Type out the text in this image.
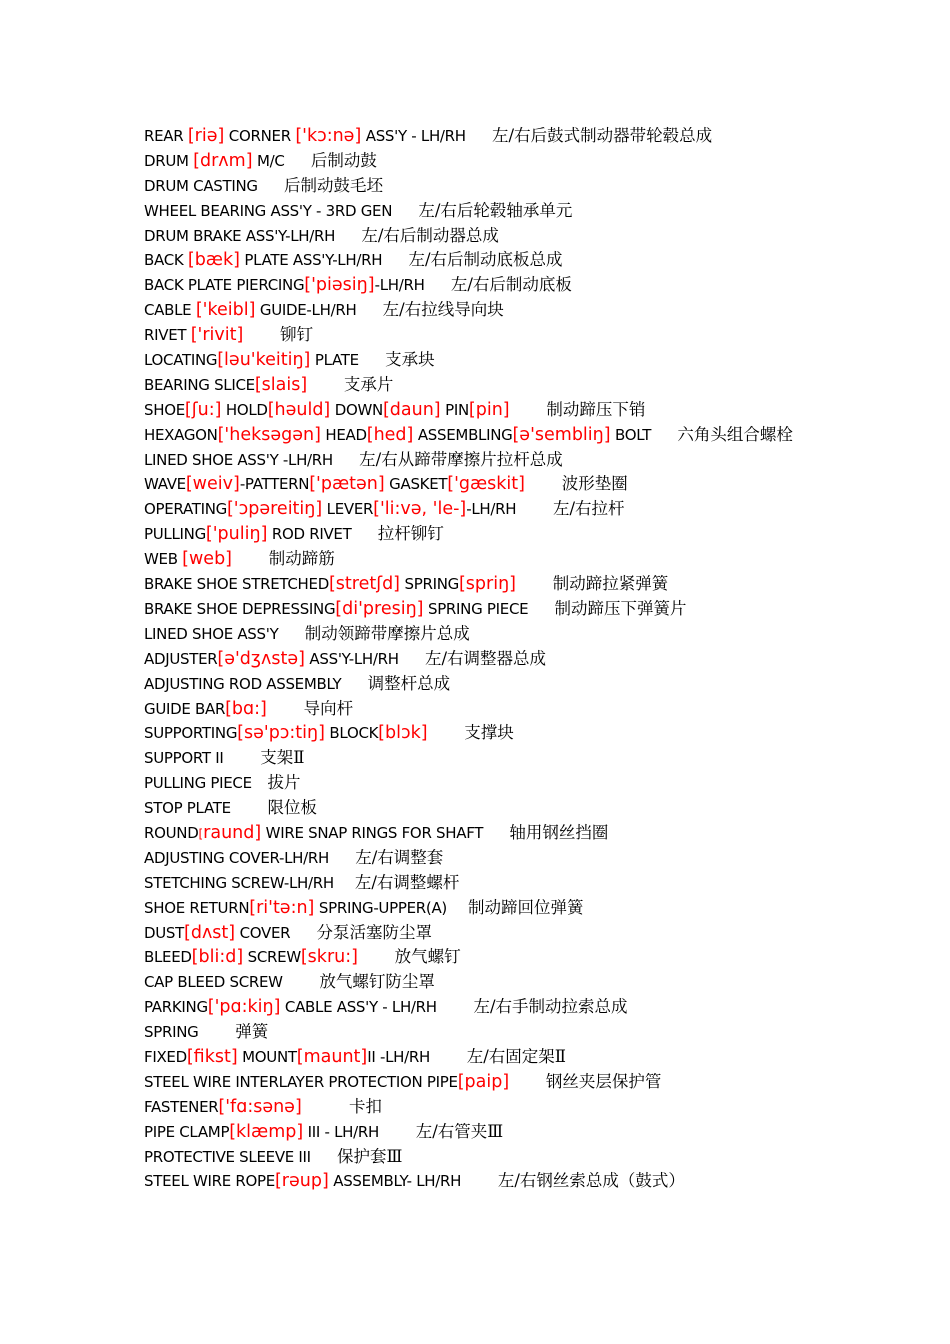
REAR [riə] CORNER ['kɔ:nə] ASS'Y - LH/RH 左/右后鼓式制动器带轮毂总成
DRUM [drʌm] M/C 后制动鼓
DRUM CASTING 后制动鼓毛坯
WHEEL BEARING ASS'Y - 3RD GEN 左/右后轮毂轴承单元
DRUM BRAKE ASS'Y-LH/RH 左/右后制动器总成
BACK [bæk] PLATE ASS'Y-LH/RH 左/右后制动底板总成
BACK PLATE PIERCING['piəsiŋ]-LH/RH 左/右后制动底板
CABLE ['keibl] GUIDE-LH/RH 左/右拉线导向块
RIVET ['rivit] 铆钉
LOCATING[ləu'keitiŋ] PLATE 支承块
BEARING SLICE[slais] 支承片
SHOE[ʃu:] HOLD[həuld] DOWN[daun] PIN[pin] 制动蹄压下销
HEXAGON['heksəgən] HEAD[hed] ASSEMBLING[ə'sembliŋ] BOLT 六角头组合螺栓
LINED SHOE ASS'Y -LH/RH 左/右从蹄带摩擦片拉杆总成
WAVE[weiv]-PATTERN['pætən] GASKET['gæskit] 波形垫圈
OPERATING['ɔpəreitiŋ] LEVER['li:və, 'le-]-LH/RH 左/右拉杆
PULLING['puliŋ] ROD RIVET 拉杆铆钉
WEB [web] 制动蹄筋
BRAKE SHOE STRETCHED[stretʃd] SPRING[spriŋ] 制动蹄拉紧弹簧
BRAKE SHOE DEPRESSING[di'presiŋ] SPRING PIECE 制动蹄压下弹簧片
LINED SHOE ASS'Y 制动领蹄带摩擦片总成
ADJUSTER[ə'dʒʌstə] ASS'Y-LH/RH 左/右调整器总成
ADJUSTING ROD ASSEMBLY 调整杆总成
GUIDE BAR[bɑ:] 导向杆
SUPPORTING[sə'pɔ:tiŋ] BLOCK[blɔk] 支撑块
SUPPORT II 支架Ⅱ
PULLING PIECE 拔片
STOP PLATE 限位板
ROUND[raund] WIRE SNAP RINGS FOR SHAFT 轴用钢丝挡圈
ADJUSTING COVER-LH/RH 左/右调整套
STETCHING SCREW-LH/RH 左/右调整螺杆
SHOE RETURN[ri'tə:n] SPRING-UPPER(A) 制动蹄回位弹簧
DUST[dʌst] COVER 分泵活塞防尘罩
BLEED[bli:d] SCREW[skru:] 放气螺钉
CAP BLEED SCREW 放气螺钉防尘罩
PARKING['pɑ:kiŋ] CABLE ASS'Y - LH/RH 左/右手制动拉索总成
SPRING 弹簧
FIXED[fikst] MOUNT[maunt]II -LH/RH 左/右固定架Ⅱ
STEEL WIRE INTERLAYER PROTECTION PIPE[paip] 钢丝夹层保护管
FASTENER['fɑ:sənə]	卡扣
PIPE CLAMP[klæmp] III - LH/RH 左/右管夹Ⅲ
PROTECTIVE SLEEVE III 保护套Ⅲ
STEEL WIRE ROPE[rəup] ASSEMBLY- LH/RH 左/右钢丝索总成（鼓式）
